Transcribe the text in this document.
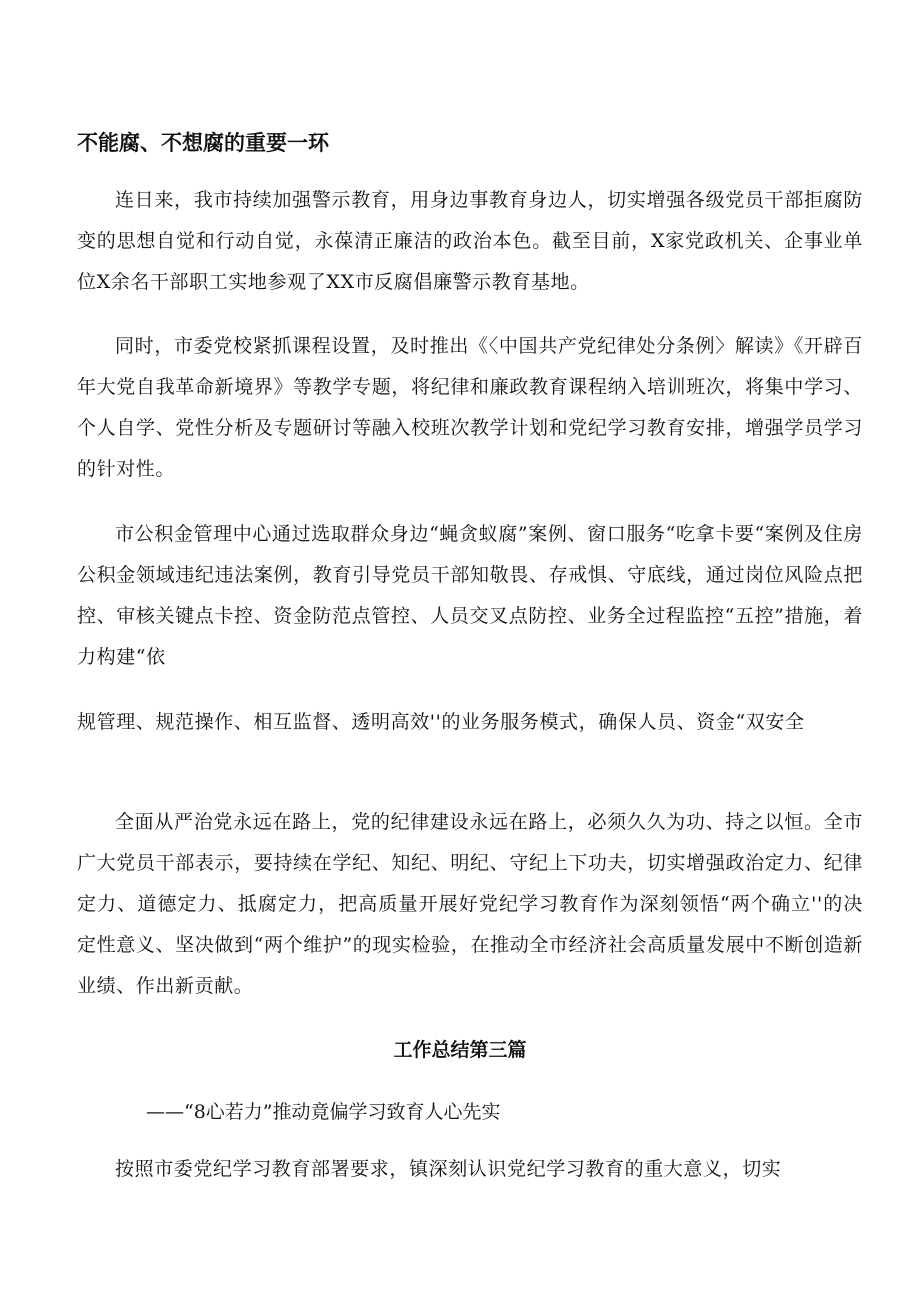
不能腐、不想腐的重要一环

连日来，我市持续加强警示教育，用身边事教育身边人，切实增强各级党员干部拒腐防变的思想自觉和行动自觉，永葆清正廉洁的政治本色。截至目前，X家党政机关、企事业单位X余名干部职工实地参观了XX市反腐倡廉警示教育基地。

同时，市委党校紧抓课程设置，及时推出《〈中国共产党纪律处分条例〉解读》《开辟百年大党自我革命新境界》等教学专题，将纪律和廉政教育课程纳入培训班次，将集中学习、个人自学、党性分析及专题研讨等融入校班次教学计划和党纪学习教育安排，增强学员学习的针对性。

市公积金管理中心通过选取群众身边“蝇贪蚁腐”案例、窗口服务“吃拿卡要“案例及住房公积金领域违纪违法案例，教育引导党员干部知敬畏、存戒惧、守底线，通过岗位风险点把控、审核关键点卡控、资金防范点管控、人员交叉点防控、业务全过程监控“五控”措施，着力构建“依

规管理、规范操作、相互监督、透明高效''的业务服务模式，确保人员、资金“双安全

全面从严治党永远在路上，党的纪律建设永远在路上，必须久久为功、持之以恒。全市广大党员干部表示，要持续在学纪、知纪、明纪、守纪上下功夫，切实增强政治定力、纪律定力、道德定力、抵腐定力，把高质量开展好党纪学习教育作为深刻领悟“两个确立''的决定性意义、坚决做到“两个维护”的现实检验，在推动全市经济社会高质量发展中不断创造新业绩、作出新贡献。

工作总结第三篇

——“8心若力”推动竟偏学习致育人心先实

按照市委党纪学习教育部署要求，镇深刻认识党纪学习教育的重大意义，切实
